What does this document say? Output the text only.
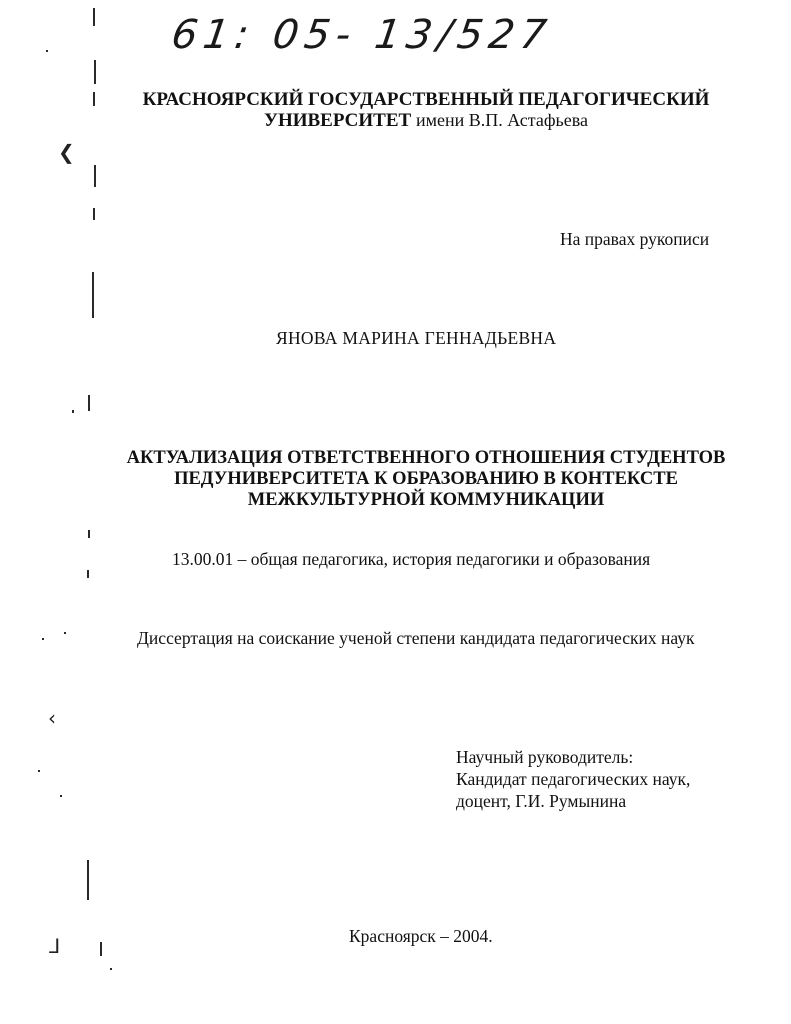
61: 05- 13/527
КРАСНОЯРСКИЙ ГОСУДАРСТВЕННЫЙ ПЕДАГОГИЧЕСКИЙ
УНИВЕРСИТЕТ имени В.П. Астафьева
На правах рукописи
ЯНОВА МАРИНА ГЕННАДЬЕВНА
АКТУАЛИЗАЦИЯ ОТВЕТСТВЕННОГО ОТНОШЕНИЯ СТУДЕНТОВ
ПЕДУНИВЕРСИТЕТА К ОБРАЗОВАНИЮ В КОНТЕКСТЕ
МЕЖКУЛЬТУРНОЙ КОММУНИКАЦИИ
13.00.01 – общая педагогика, история педагогики и образования
Диссертация на соискание ученой степени кандидата педагогических наук
Научный руководитель:
Кандидат педагогических наук,
доцент, Г.И. Румынина
Красноярск – 2004.
❮
‹
ᒧ
